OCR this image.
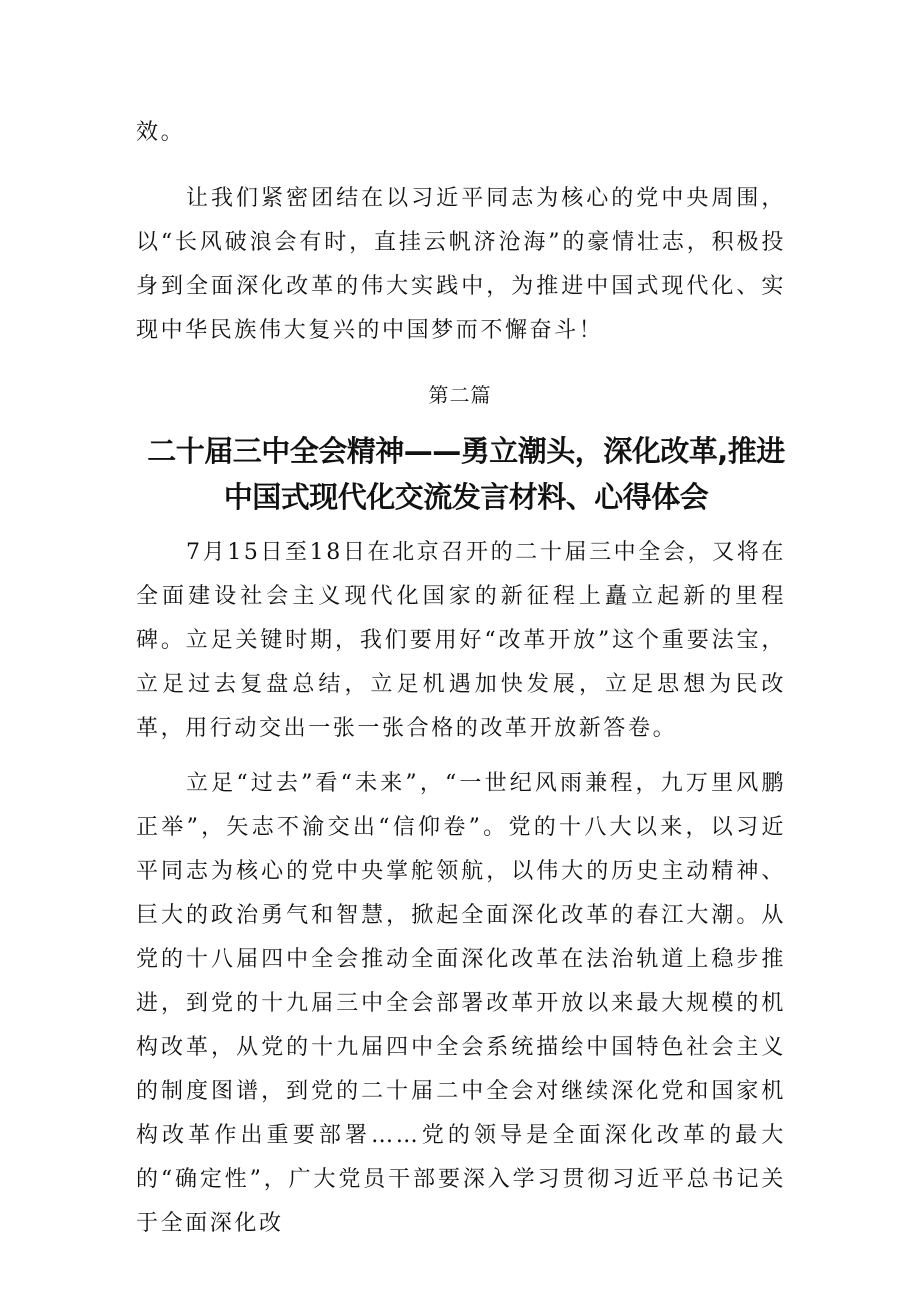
效。

让我们紧密团结在以习近平同志为核心的党中央周围，以“长风破浪会有时，直挂云帆济沧海”的豪情壮志，积极投身到全面深化改革的伟大实践中，为推进中国式现代化、实现中华民族伟大复兴的中国梦而不懈奋斗！

第二篇
二十届三中全会精神——勇立潮头，深化改革,推进
中国式现代化交流发言材料、心得体会

7月15日至18日在北京召开的二十届三中全会，又将在全面建设社会主义现代化国家的新征程上矗立起新的里程碑。立足关键时期，我们要用好“改革开放”这个重要法宝，立足过去复盘总结，立足机遇加快发展，立足思想为民改革，用行动交出一张一张合格的改革开放新答卷。

立足“过去”看“未来”，“一世纪风雨兼程，九万里风鹏正举”，矢志不渝交出“信仰卷”。党的十八大以来，以习近平同志为核心的党中央掌舵领航，以伟大的历史主动精神、巨大的政治勇气和智慧，掀起全面深化改革的春江大潮。从党的十八届四中全会推动全面深化改革在法治轨道上稳步推进，到党的十九届三中全会部署改革开放以来最大规模的机构改革，从党的十九届四中全会系统描绘中国特色社会主义的制度图谱，到党的二十届二中全会对继续深化党和国家机构改革作出重要部署……党的领导是全面深化改革的最大的“确定性”，广大党员干部要深入学习贯彻习近平总书记关于全面深化改
